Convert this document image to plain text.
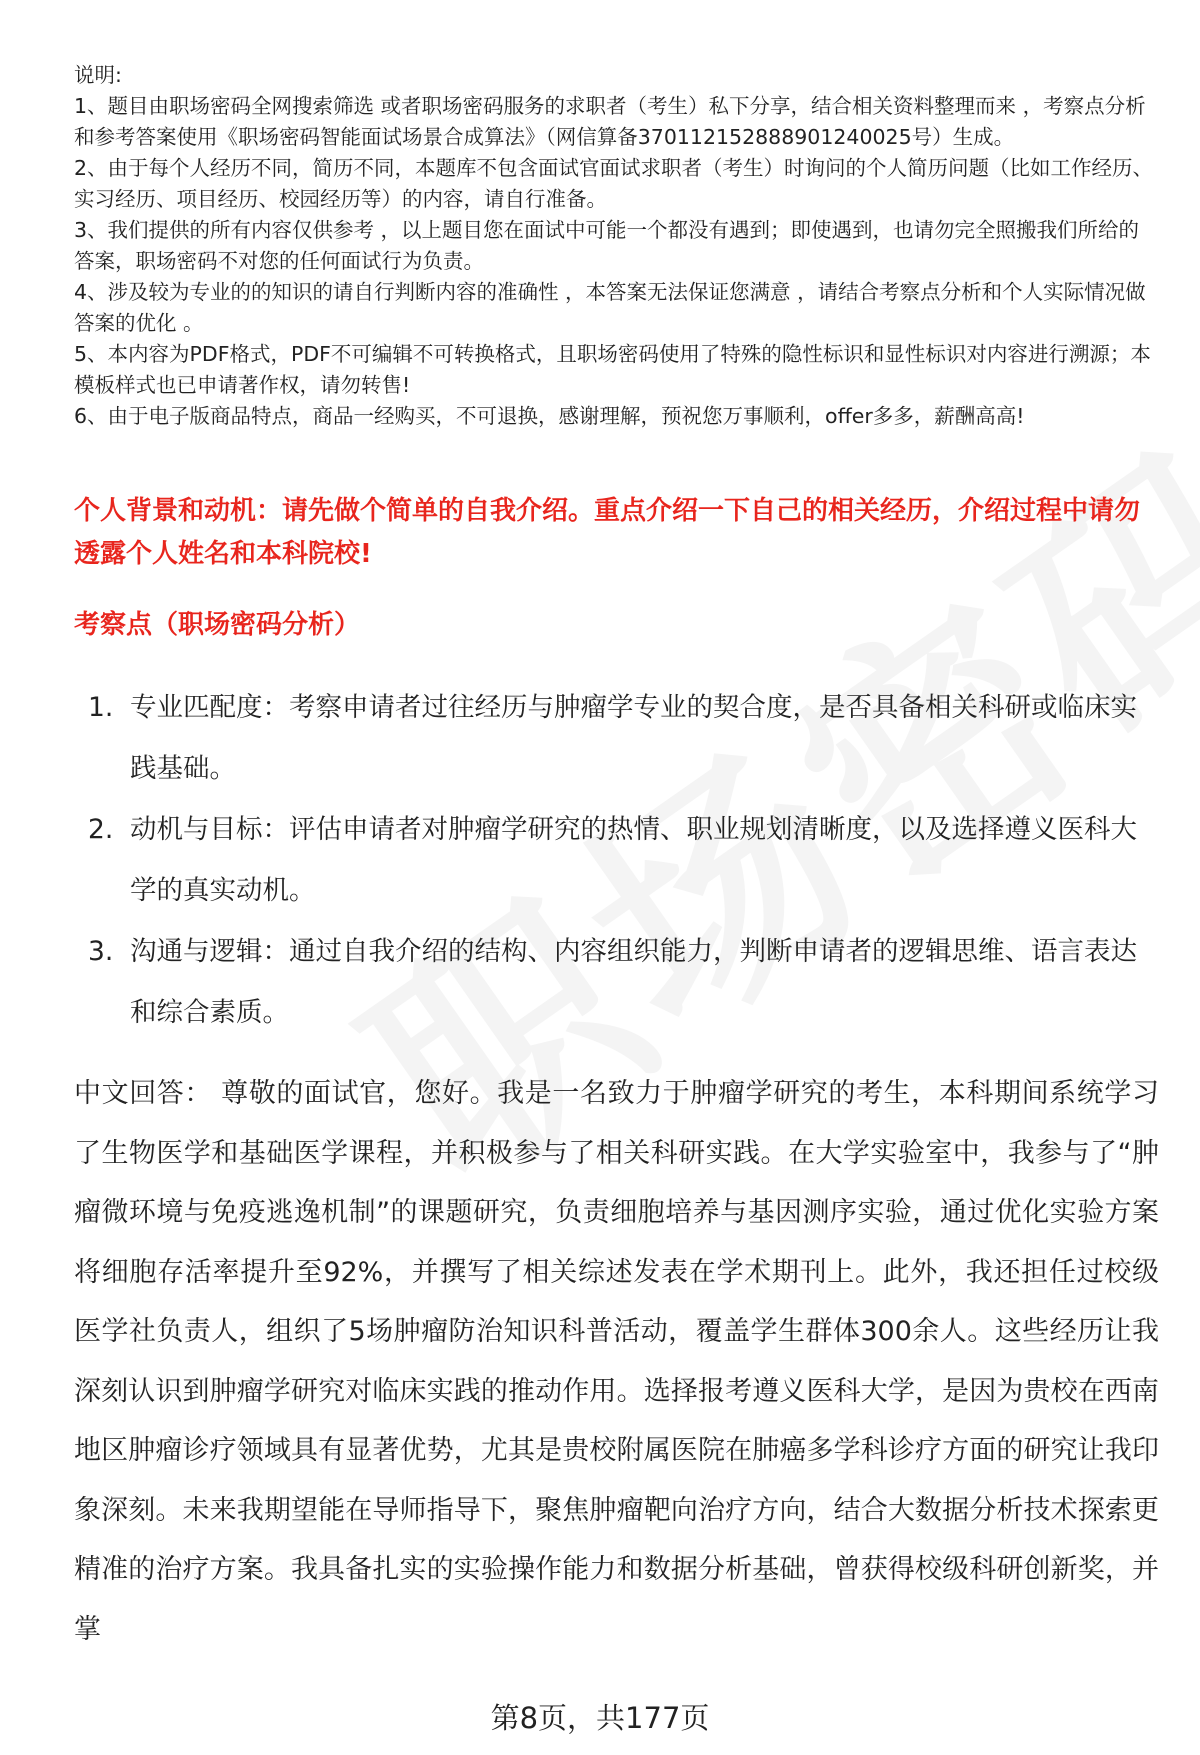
说明:

1、题目由职场密码全网搜索筛选 或者职场密码服务的求职者（考生）私下分享，结合相关资料整理而来 ，考察点分析和参考答案使用《职场密码智能面试场景合成算法》（网信算备370112152888901240025号）生成。

2、由于每个人经历不同，简历不同，本题库不包含面试官面试求职者（考生）时询问的个人简历问题（比如工作经历、实习经历、项目经历、校园经历等）的内容，请自行准备。

3、我们提供的所有内容仅供参考 ，以上题目您在面试中可能一个都没有遇到；即使遇到，也请勿完全照搬我们所给的答案，职场密码不对您的任何面试行为负责。

4、涉及较为专业的的知识的请自行判断内容的准确性 ，本答案无法保证您满意 ，请结合考察点分析和个人实际情况做答案的优化 。

5、本内容为PDF格式，PDF不可编辑不可转换格式，且职场密码使用了特殊的隐性标识和显性标识对内容进行溯源；本模板样式也已申请著作权，请勿转售!

6、由于电子版商品特点，商品一经购买，不可退换，感谢理解，预祝您万事顺利，offer多多，薪酬高高!

个人背景和动机：请先做个简单的自我介绍。重点介绍一下自己的相关经历，介绍过程中请勿透露个人姓名和本科院校!

考察点（职场密码分析）

1. 专业匹配度：考察申请者过往经历与肿瘤学专业的契合度，是否具备相关科研或临床实践基础。
2. 动机与目标：评估申请者对肿瘤学研究的热情、职业规划清晰度，以及选择遵义医科大学的真实动机。
3. 沟通与逻辑：通过自我介绍的结构、内容组织能力，判断申请者的逻辑思维、语言表达和综合素质。

中文回答： 尊敬的面试官，您好。我是一名致力于肿瘤学研究的考生，本科期间系统学习了生物医学和基础医学课程，并积极参与了相关科研实践。在大学实验室中，我参与了“肿瘤微环境与免疫逃逸机制”的课题研究，负责细胞培养与基因测序实验，通过优化实验方案将细胞存活率提升至92%，并撰写了相关综述发表在学术期刊上。此外，我还担任过校级医学社负责人，组织了5场肿瘤防治知识科普活动，覆盖学生群体300余人。这些经历让我深刻认识到肿瘤学研究对临床实践的推动作用。选择报考遵义医科大学，是因为贵校在西南地区肿瘤诊疗领域具有显著优势，尤其是贵校附属医院在肺癌多学科诊疗方面的研究让我印象深刻。未来我期望能在导师指导下，聚焦肿瘤靶向治疗方向，结合大数据分析技术探索更精准的治疗方案。我具备扎实的实验操作能力和数据分析基础，曾获得校级科研创新奖，并掌

第8页，共177页
